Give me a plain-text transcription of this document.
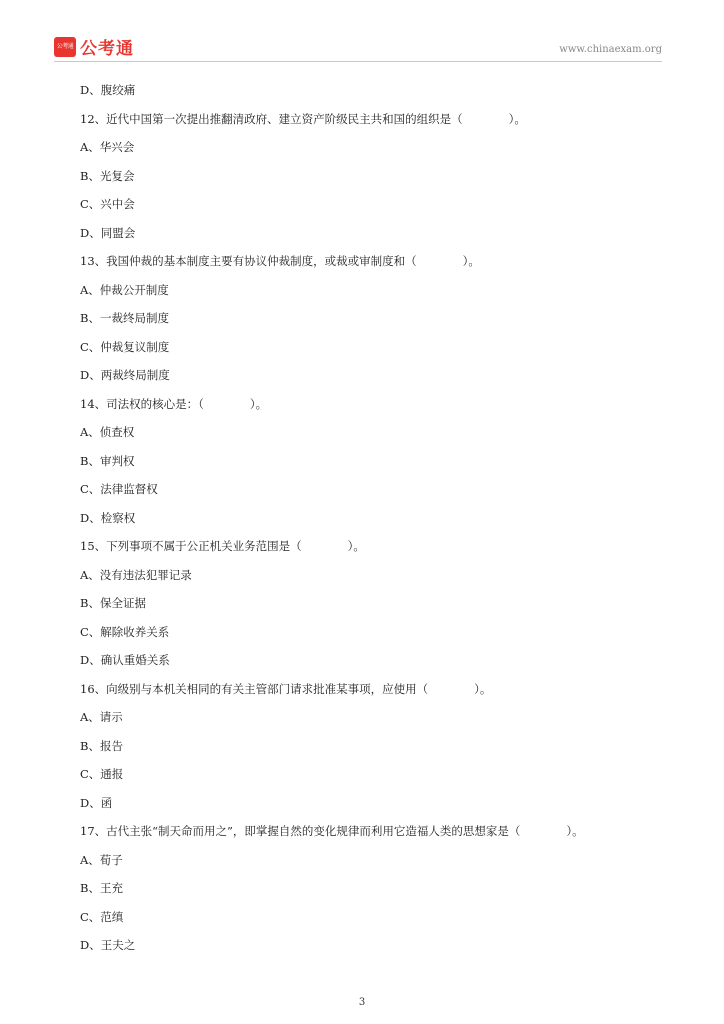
公考通 公考通	www.chinaexam.org
D、腹绞痛
12、近代中国第一次提出推翻清政府、建立资产阶级民主共和国的组织是（　　　　）。
A、华兴会
B、光复会
C、兴中会
D、同盟会
13、我国仲裁的基本制度主要有协议仲裁制度，或裁或审制度和（　　　　）。
A、仲裁公开制度
B、一裁终局制度
C、仲裁复议制度
D、两裁终局制度
14、司法权的核心是：（　　　　）。
A、侦查权
B、审判权
C、法律监督权
D、检察权
15、下列事项不属于公正机关业务范围是（　　　　）。
A、没有违法犯罪记录
B、保全证据
C、解除收养关系
D、确认重婚关系
16、向级别与本机关相同的有关主管部门请求批准某事项，应使用（　　　　）。
A、请示
B、报告
C、通报
D、函
17、古代主张“制天命而用之”，即掌握自然的变化规律而利用它造福人类的思想家是（　　　　）。
A、荀子
B、王充
C、范缜
D、王夫之
3
